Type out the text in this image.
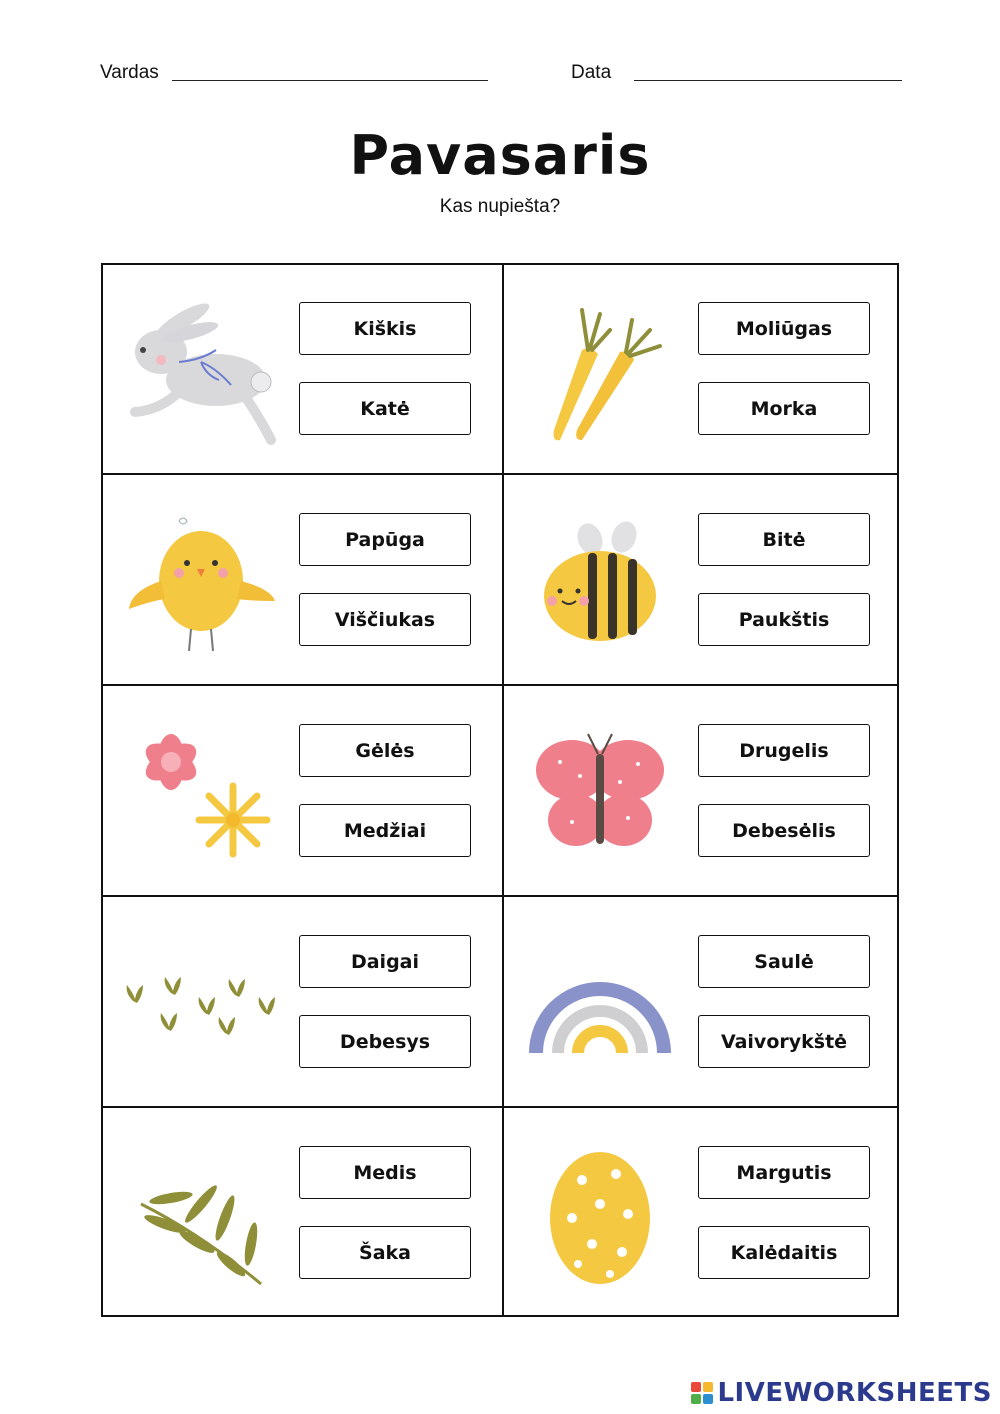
Vardas	Data
Pavasaris
Kas nupiešta?
Kiškis
Katė
Moliūgas
Morka
Papūga
Viščiukas
Bitė
Paukštis
Gėlės
Medžiai
Drugelis
Debesėlis
Daigai
Debesys
Saulė
Vaivorykštė
Medis
Šaka
Margutis
Kalėdaitis
LIVEWORKSHEETS
